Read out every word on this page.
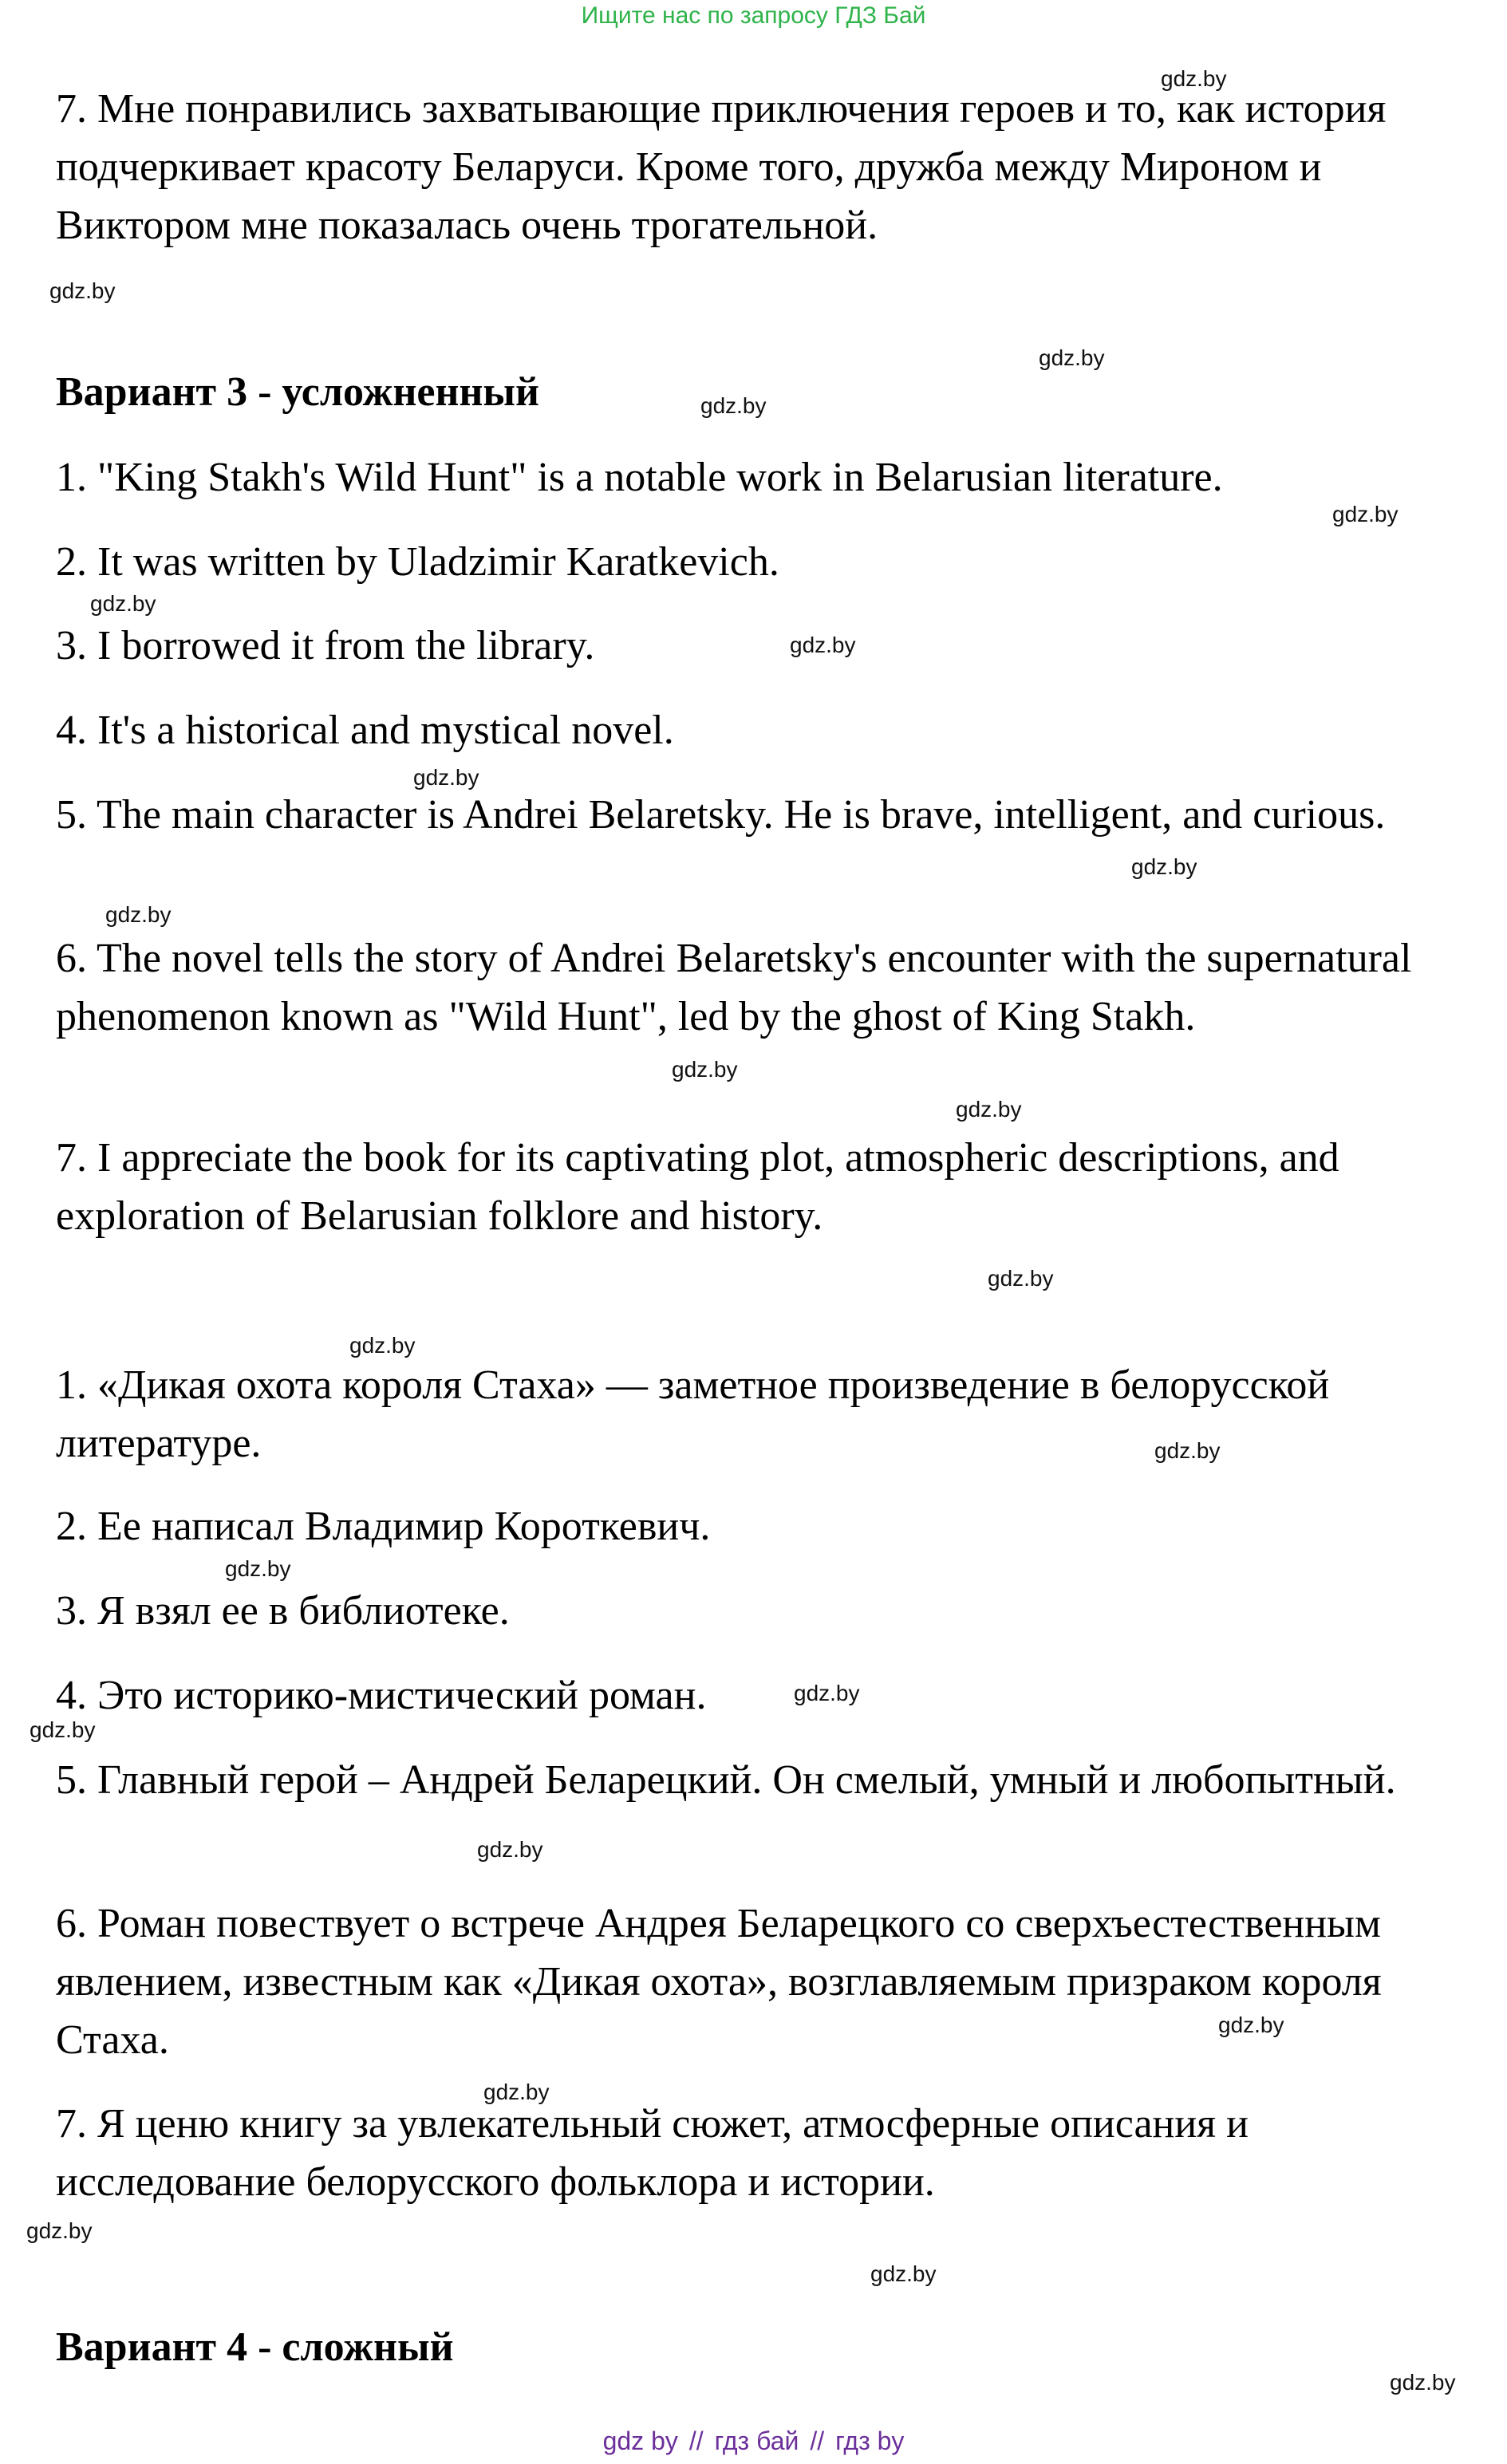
Ищите нас по запросу ГДЗ Бай

7. Мне понравились захватывающие приключения героев и то, как история подчеркивает красоту Беларуси. Кроме того, дружба между Мироном и Виктором мне показалась очень трогательной.

Вариант 3 - усложненный

1. "King Stakh's Wild Hunt" is a notable work in Belarusian literature.

2. It was written by Uladzimir Karatkevich.

3. I borrowed it from the library.

4. It's a historical and mystical novel.

5. The main character is Andrei Belaretsky. He is brave, intelligent, and curious.

6. The novel tells the story of Andrei Belaretsky's encounter with the supernatural phenomenon known as "Wild Hunt", led by the ghost of King Stakh.

7. I appreciate the book for its captivating plot, atmospheric descriptions, and exploration of Belarusian folklore and history.

1. «Дикая охота короля Стаха» — заметное произведение в белорусской литературе.

2. Ее написал Владимир Короткевич.

3. Я взял ее в библиотеке.

4. Это историко-мистический роман.

5. Главный герой – Андрей Беларецкий. Он смелый, умный и любопытный.

6. Роман повествует о встрече Андрея Беларецкого со сверхъестественным явлением, известным как «Дикая охота», возглавляемым призраком короля Стаха.

7. Я ценю книгу за увлекательный сюжет, атмосферные описания и исследование белорусского фольклора и истории.

Вариант 4 - сложный
gdz.by
gdz.by
gdz.by
gdz.by
gdz.by
gdz.by
gdz.by
gdz.by
gdz.by
gdz.by
gdz.by
gdz.by
gdz.by
gdz.by
gdz.by
gdz.by
gdz.by
gdz.by
gdz.by
gdz.by
gdz.by
gdz.by
gdz.by
gdz.by
gdz by // гдз бай // гдз by
